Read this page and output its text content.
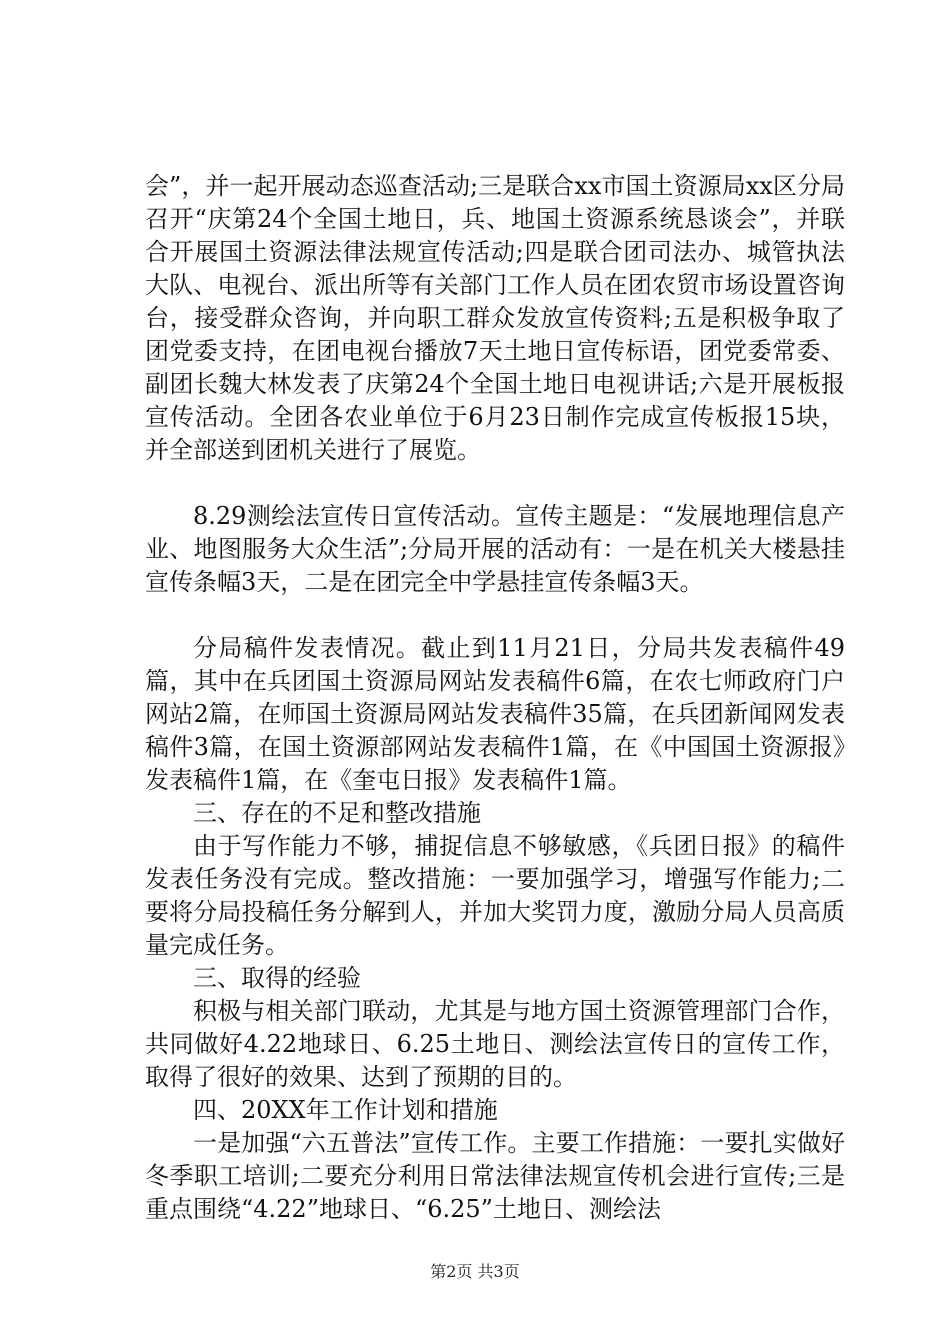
会”，并一起开展动态巡查活动;三是联合xx市国土资源局xx区分局召开“庆第24个全国土地日，兵、地国土资源系统恳谈会”，并联合开展国土资源法律法规宣传活动;四是联合团司法办、城管执法大队、电视台、派出所等有关部门工作人员在团农贸市场设置咨询台，接受群众咨询，并向职工群众发放宣传资料;五是积极争取了团党委支持，在团电视台播放7天土地日宣传标语，团党委常委、副团长魏大林发表了庆第24个全国土地日电视讲话;六是开展板报宣传活动。全团各农业单位于6月23日制作完成宣传板报15块，并全部送到团机关进行了展览。

8.29测绘法宣传日宣传活动。宣传主题是：“发展地理信息产业、地图服务大众生活”;分局开展的活动有：一是在机关大楼悬挂宣传条幅3天，二是在团完全中学悬挂宣传条幅3天。

分局稿件发表情况。截止到11月21日，分局共发表稿件49篇，其中在兵团国土资源局网站发表稿件6篇，在农七师政府门户网站2篇，在师国土资源局网站发表稿件35篇，在兵团新闻网发表稿件3篇，在国土资源部网站发表稿件1篇，在《中国国土资源报》发表稿件1篇，在《奎屯日报》发表稿件1篇。

三、存在的不足和整改措施

由于写作能力不够，捕捉信息不够敏感，《兵团日报》的稿件发表任务没有完成。整改措施：一要加强学习，增强写作能力;二要将分局投稿任务分解到人，并加大奖罚力度，激励分局人员高质量完成任务。

三、取得的经验

积极与相关部门联动，尤其是与地方国土资源管理部门合作，共同做好4.22地球日、6.25土地日、测绘法宣传日的宣传工作，取得了很好的效果、达到了预期的目的。

四、20XX年工作计划和措施

一是加强“六五普法”宣传工作。主要工作措施：一要扎实做好冬季职工培训;二要充分利用日常法律法规宣传机会进行宣传;三是重点围绕“4.22”地球日、“6.25”土地日、测绘法

第2页 共3页
